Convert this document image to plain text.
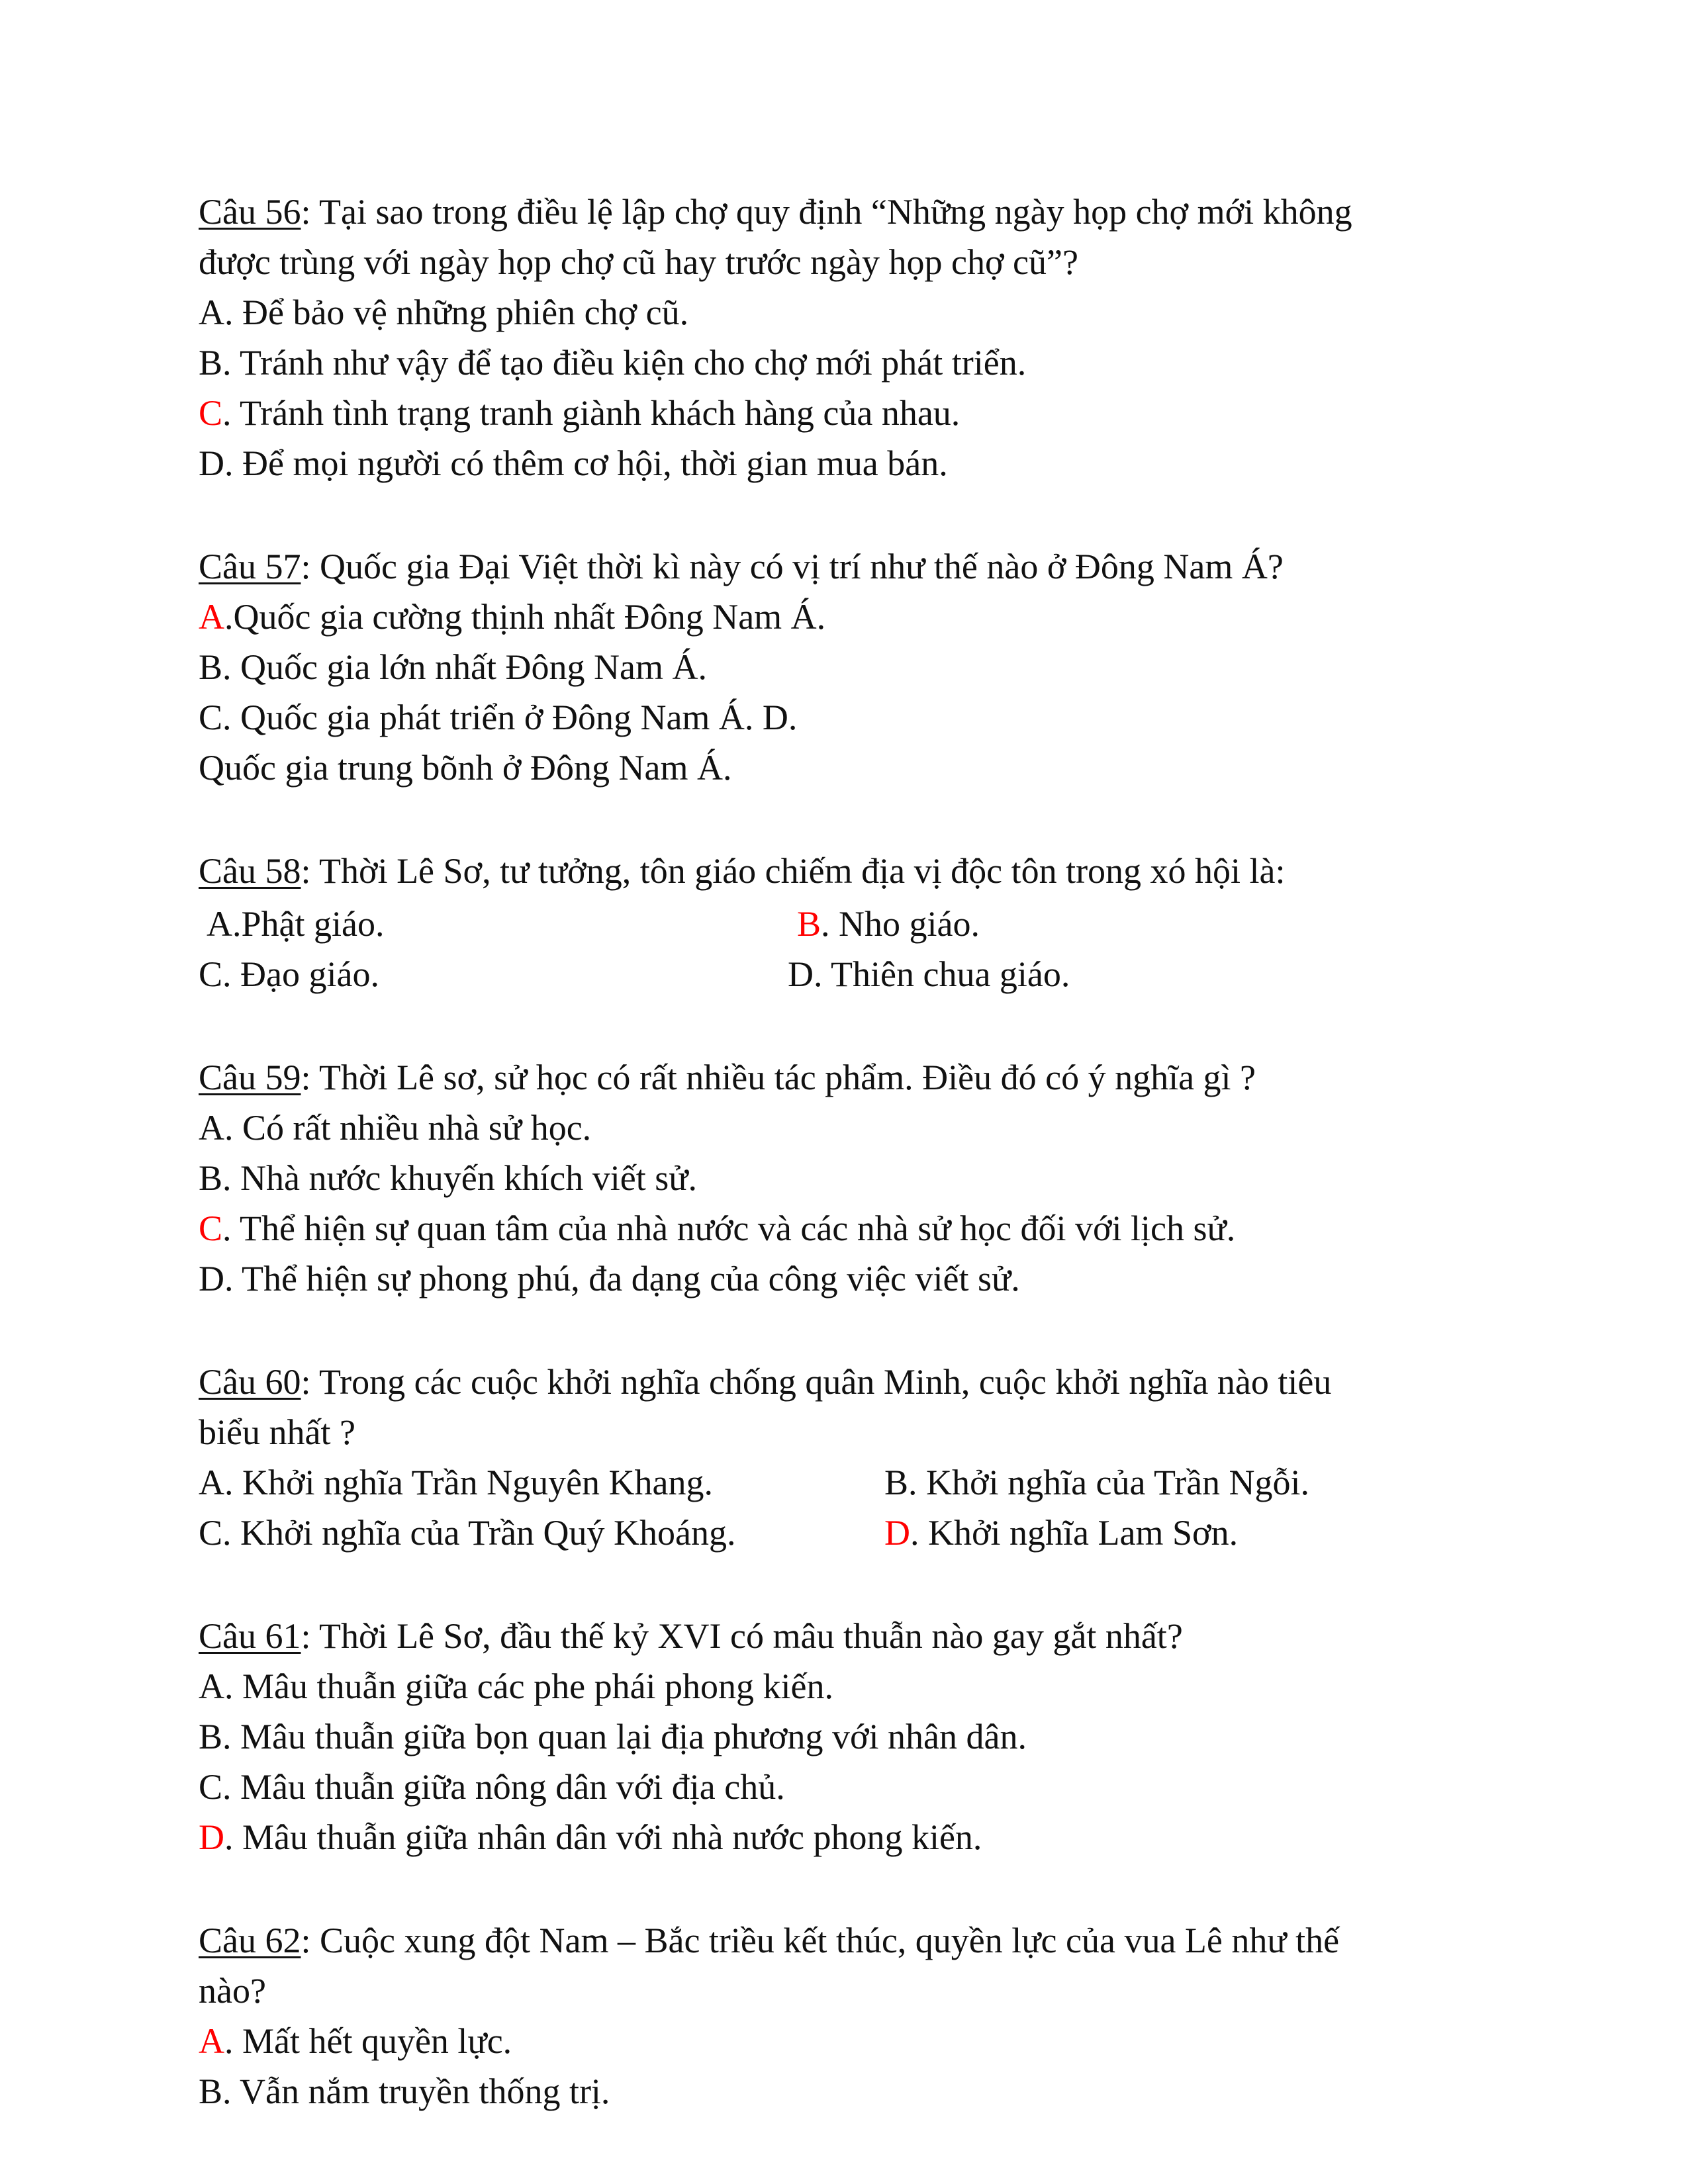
Câu 56: Tại sao trong điều lệ lập chợ quy định “Những ngày họp chợ mới không
được trùng với ngày họp chợ cũ hay trước ngày họp chợ cũ”?
A. Để bảo vệ những phiên chợ cũ.
B. Tránh như vậy để tạo điều kiện cho chợ mới phát triển.
C. Tránh tình trạng tranh giành khách hàng của nhau.
D. Để mọi người có thêm cơ hội, thời gian mua bán.
Câu 57: Quốc gia Đại Việt thời kì này có vị trí như thế nào ở Đông Nam Á?
A.Quốc gia cường thịnh nhất Đông Nam Á.
B. Quốc gia lớn nhất Đông Nam Á.
C. Quốc gia phát triển ở Đông Nam Á. D.
Quốc gia trung bõnh ở Đông Nam Á.
Câu 58: Thời Lê Sơ, tư tưởng, tôn giáo chiếm địa vị độc tôn trong xó hội là:
A.Phật giáo.	B. Nho giáo.
C. Đạo giáo.	D. Thiên chua giáo.
Câu 59: Thời Lê sơ, sử học có rất nhiều tác phẩm. Điều đó có ý nghĩa gì ?
A. Có rất nhiều nhà sử học.
B. Nhà nước khuyến khích viết sử.
C. Thể hiện sự quan tâm của nhà nước và các nhà sử học đối với lịch sử.
D. Thể hiện sự phong phú, đa dạng của công việc viết sử.
Câu 60: Trong các cuộc khởi nghĩa chống quân Minh, cuộc khởi nghĩa nào tiêu
biểu nhất ?
A. Khởi nghĩa Trần Nguyên Khang.	B. Khởi nghĩa của Trần Ngỗi.
C. Khởi nghĩa của Trần Quý Khoáng.	D. Khởi nghĩa Lam Sơn.
Câu 61: Thời Lê Sơ, đầu thế kỷ XVI có mâu thuẫn nào gay gắt nhất?
A. Mâu thuẫn giữa các phe phái phong kiến.
B. Mâu thuẫn giữa bọn quan lại địa phương với nhân dân.
C. Mâu thuẫn giữa nông dân với địa chủ.
D. Mâu thuẫn giữa nhân dân với nhà nước phong kiến.
Câu 62: Cuộc xung đột Nam – Bắc triều kết thúc, quyền lực của vua Lê như thế
nào?
A. Mất hết quyền lực.
B. Vẫn nắm truyền thống trị.
